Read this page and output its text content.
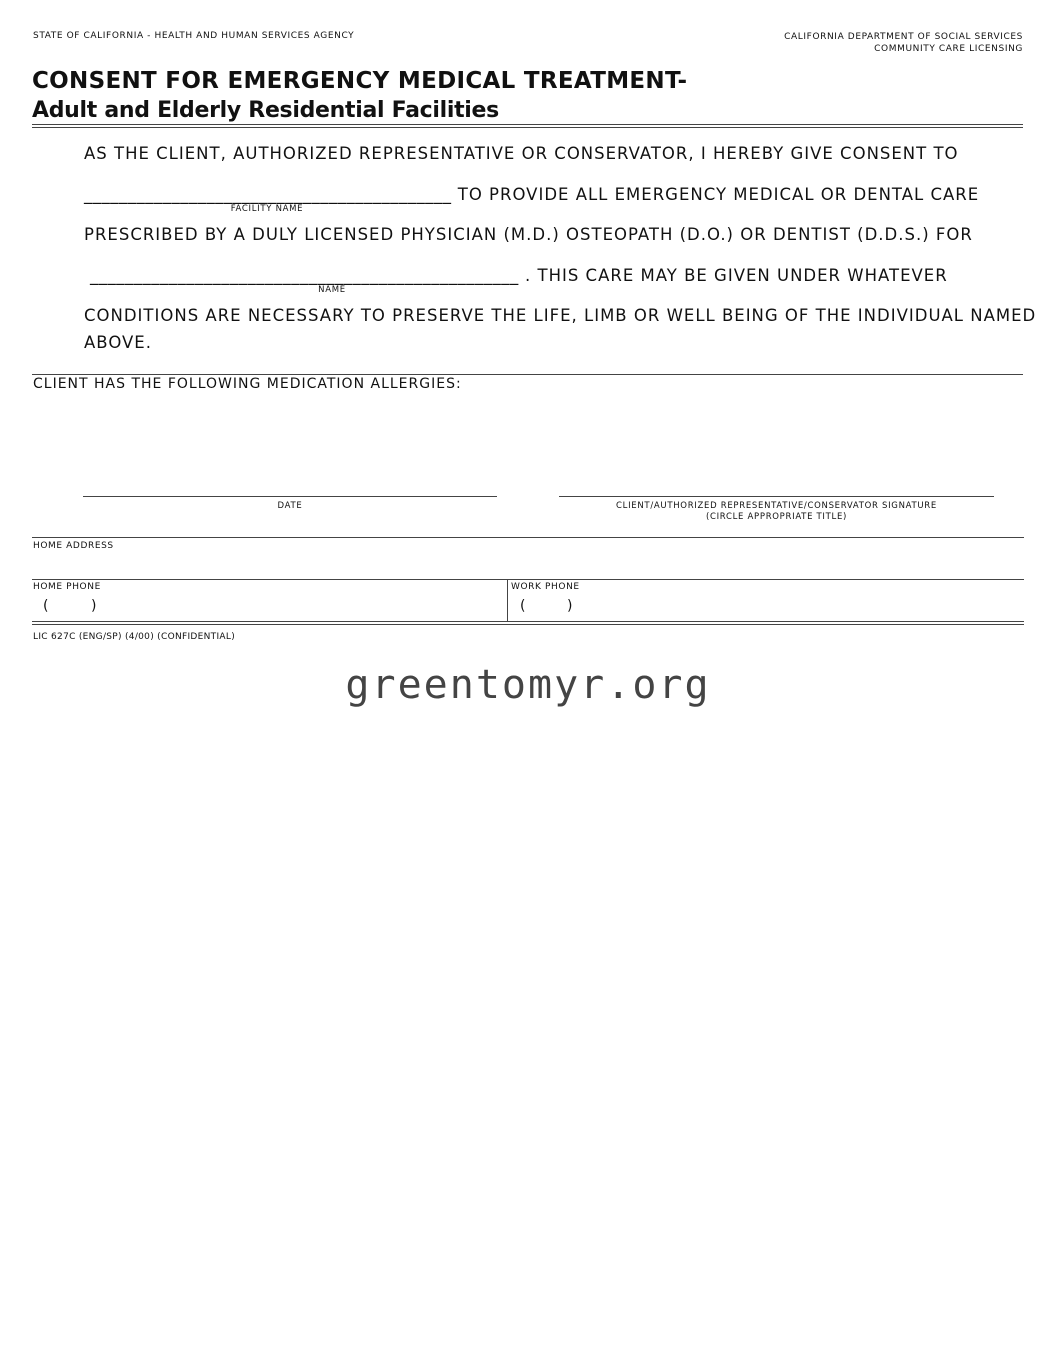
STATE OF CALIFORNIA - HEALTH AND HUMAN SERVICES AGENCY	CALIFORNIA DEPARTMENT OF SOCIAL SERVICES
COMMUNITY CARE LICENSING
CONSENT FOR EMERGENCY MEDICAL TREATMENT-
Adult and Elderly Residential Facilities
AS THE CLIENT, AUTHORIZED REPRESENTATIVE OR CONSERVATOR, I HEREBY GIVE CONSENT TO
__________________________________________ TO PROVIDE ALL EMERGENCY MEDICAL OR DENTAL CARE
FACILITY NAME
PRESCRIBED BY A DULY LICENSED PHYSICIAN (M.D.) OSTEOPATH (D.O.) OR DENTIST (D.D.S.) FOR
_________________________________________________ . THIS CARE MAY BE GIVEN UNDER WHATEVER
NAME
CONDITIONS ARE NECESSARY TO PRESERVE THE LIFE, LIMB OR WELL BEING OF THE INDIVIDUAL NAMED
ABOVE.
CLIENT HAS THE FOLLOWING MEDICATION ALLERGIES:
DATE	CLIENT/AUTHORIZED REPRESENTATIVE/CONSERVATOR SIGNATURE
(CIRCLE APPROPRIATE TITLE)
HOME ADDRESS
HOME PHONE
(	)
WORK PHONE
(	)
LIC 627C (ENG/SP) (4/00) (CONFIDENTIAL)
greentomyr.org
